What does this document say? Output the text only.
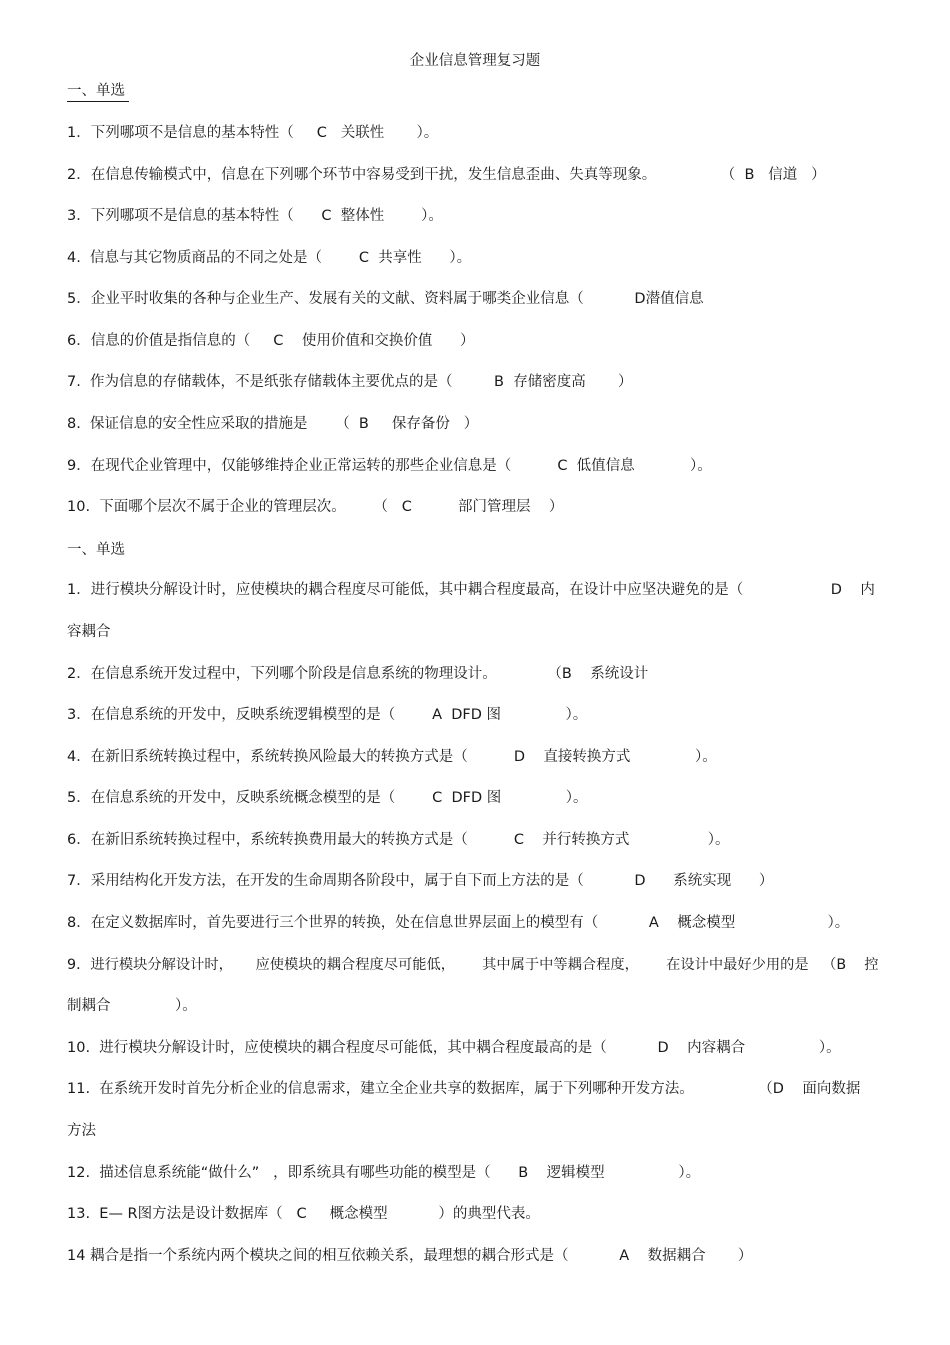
企业信息管理复习题
一、单选
1．下列哪项不是信息的基本特性（     C   关联性       ）。
2．在信息传输模式中，信息在下列哪个环节中容易受到干扰，发生信息歪曲、失真等现象。              （  B   信道   ）
3．下列哪项不是信息的基本特性（      C  整体性        ）。
4.  信息与其它物质商品的不同之处是（        C  共享性      ）。
5．企业平时收集的各种与企业生产、发展有关的文献、资料属于哪类企业信息（           D潜值信息
6．信息的价值是指信息的（     C    使用价值和交换价值      ）
7.  作为信息的存储载体，不是纸张存储载体主要优点的是（         B  存储密度高       ）
8.  保证信息的安全性应采取的措施是      （  B     保存备份   ）
9．在现代企业管理中，仅能够维持企业正常运转的那些企业信息是（          C  低值信息            ）。
10.  下面哪个层次不属于企业的管理层次。      （   C          部门管理层    ）
一、单选
1．进行模块分解设计时，应使模块的耦合程度尽可能低，其中耦合程度最高，在设计中应坚决避免的是（                   D    内
容耦合
2．在信息系统开发过程中，下列哪个阶段是信息系统的物理设计。           （B    系统设计
3．在信息系统的开发中，反映系统逻辑模型的是（        A  DFD 图              ）。
4．在新旧系统转换过程中，系统转换风险最大的转换方式是（          D    直接转换方式              ）。
5．在信息系统的开发中，反映系统概念模型的是（        C  DFD 图              ）。
6．在新旧系统转换过程中，系统转换费用最大的转换方式是（          C    并行转换方式                 ）。
7．采用结构化开发方法，在开发的生命周期各阶段中，属于自下而上方法的是（           D      系统实现      ）
8．在定义数据库时，首先要进行三个世界的转换，处在信息世界层面上的模型有（           A    概念模型                    ）。
9．进行模块分解设计时，     应使模块的耦合程度尽可能低，      其中属于中等耦合程度，      在设计中最好少用的是   （B    控
制耦合              ）。
10.  进行模块分解设计时，应使模块的耦合程度尽可能低，其中耦合程度最高的是（           D    内容耦合                ）。
11.  在系统开发时首先分析企业的信息需求，建立全企业共享的数据库，属于下列哪种开发方法。              （D    面向数据
方法
12.  描述信息系统能“做什么”   ，即系统具有哪些功能的模型是（      B    逻辑模型                ）。
13.  E— R图方法是设计数据库（   C     概念模型           ）的典型代表。
14 耦合是指一个系统内两个模块之间的相互依赖关系，最理想的耦合形式是（           A    数据耦合       ）
